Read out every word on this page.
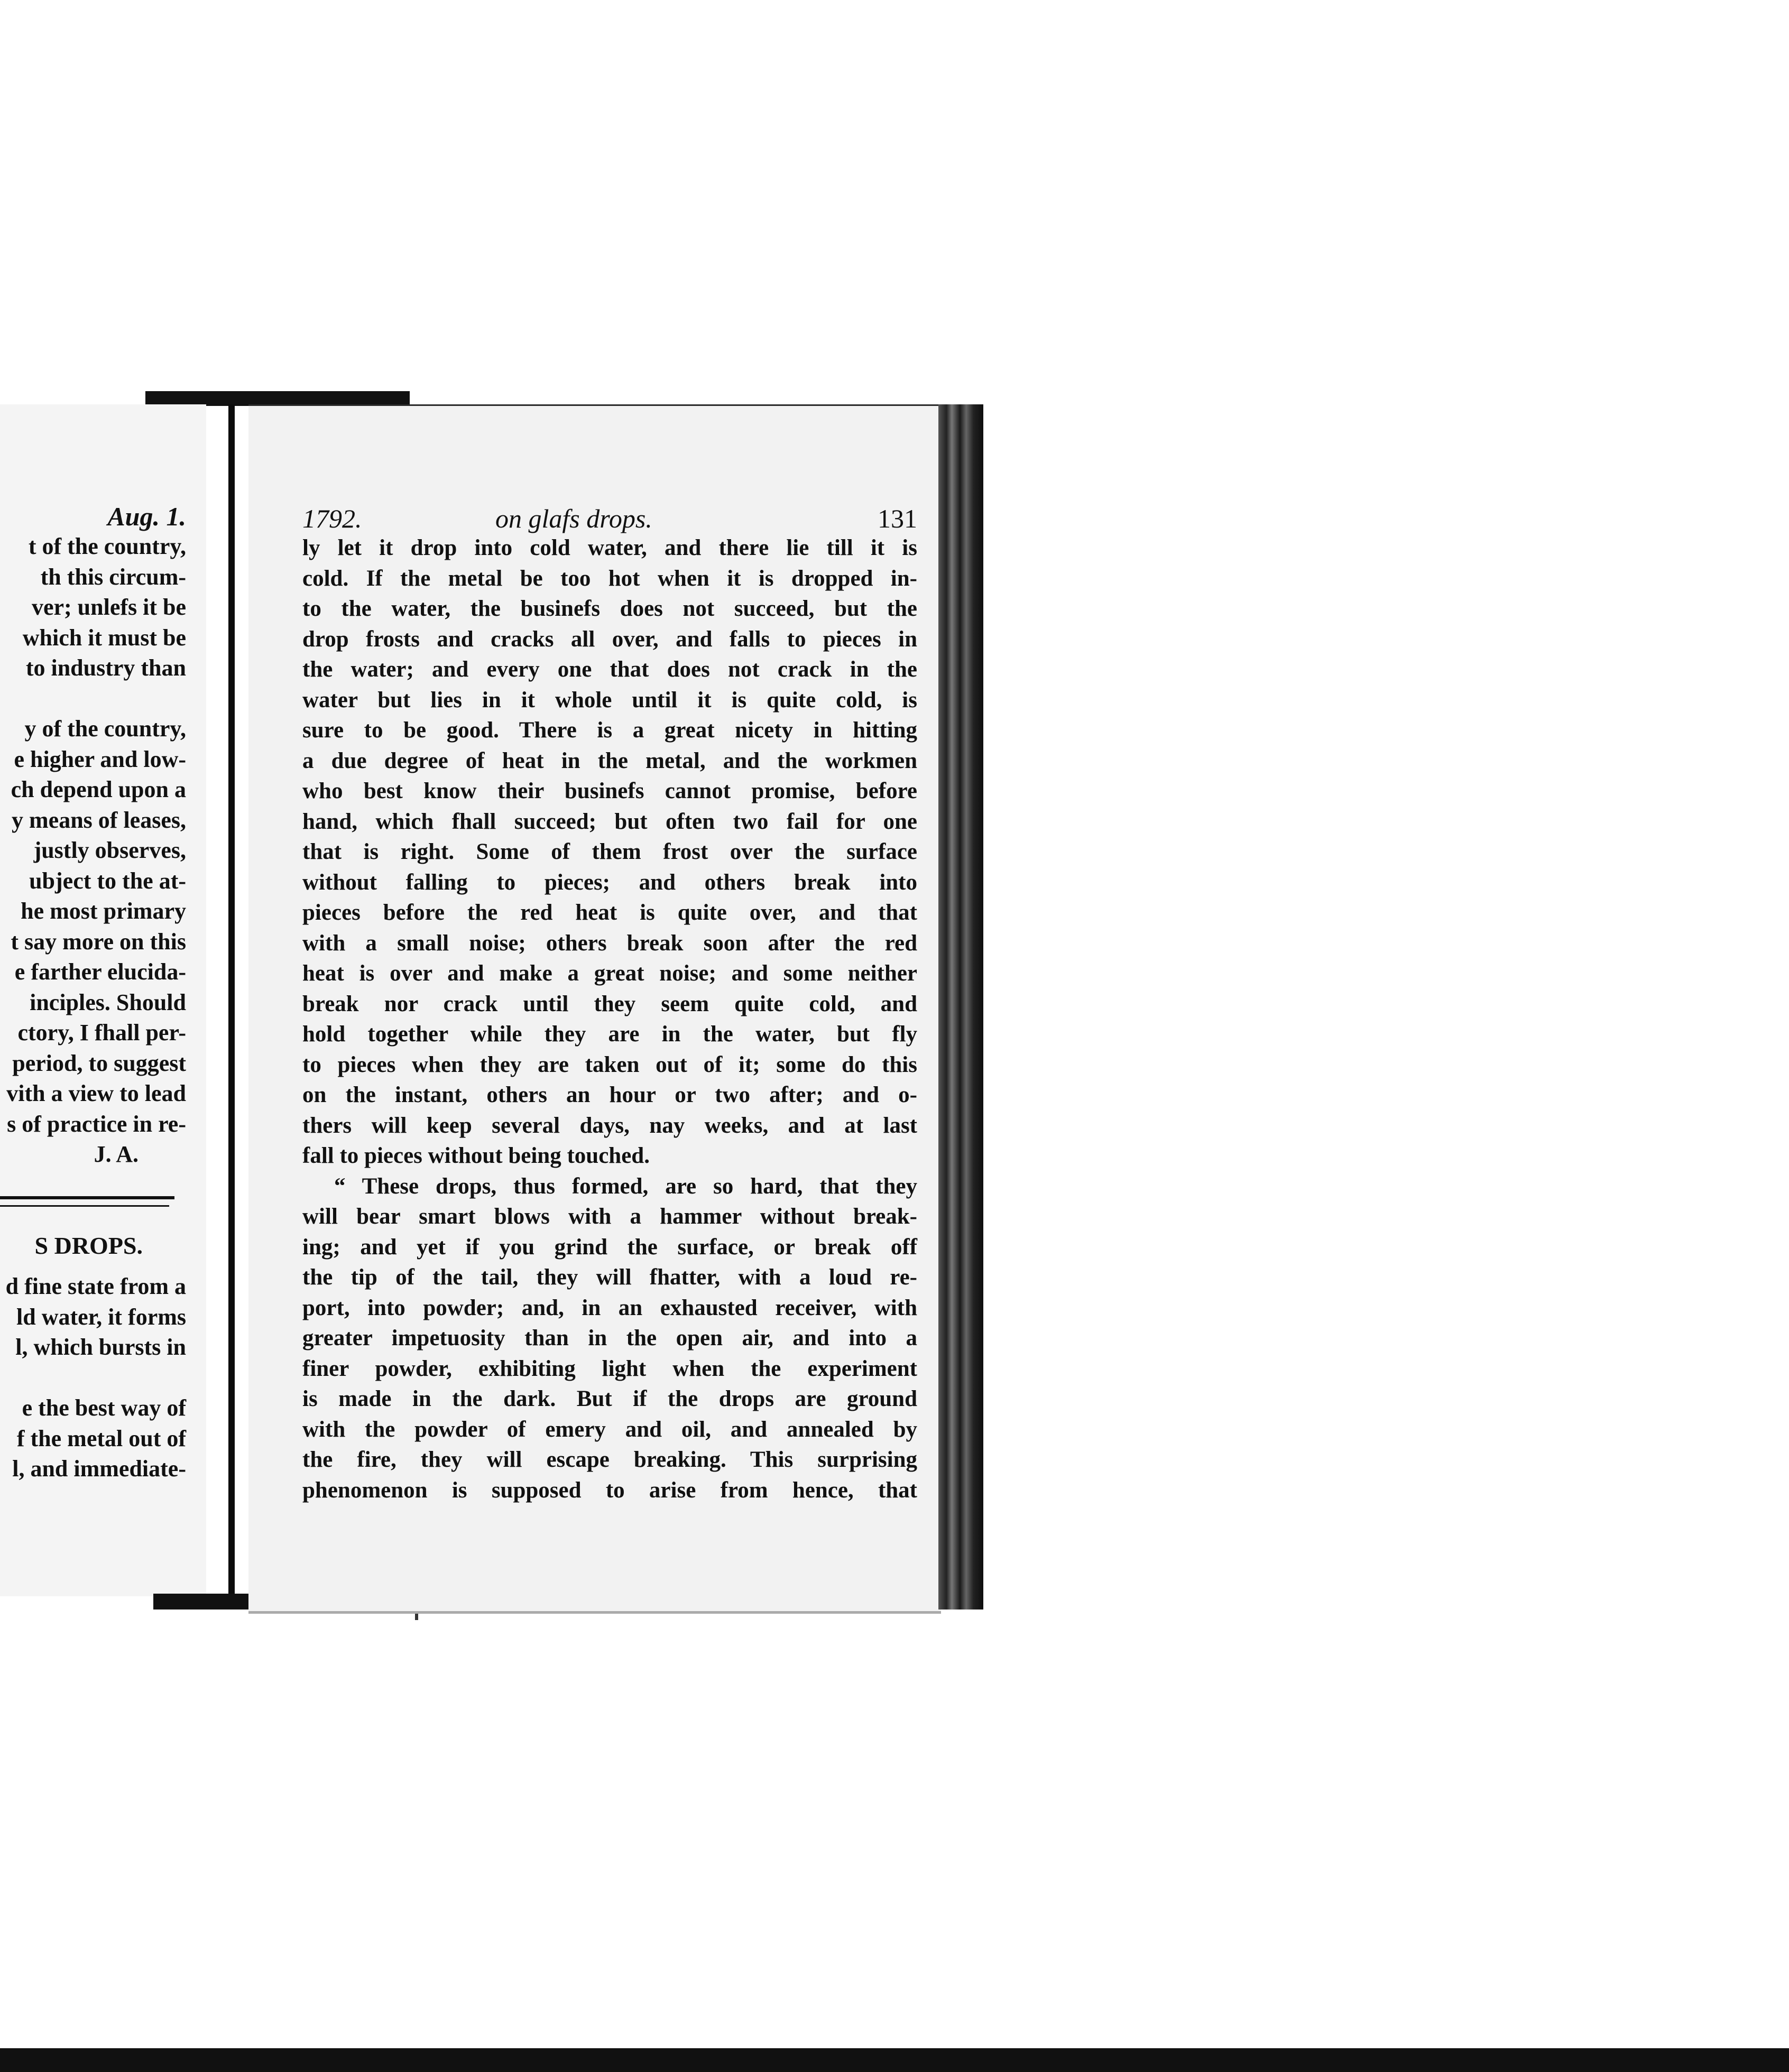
Aug. 1.
t of the country,
th this circum-
ver; unlefs it be
which it must be
to industry than
y of the country,
e higher and low-
ch depend upon a
y means of leases,
justly observes,
ubject to the at-
he most primary
t say more on this
e farther elucida-
inciples. Should
ctory, I fhall per-
period, to suggest
vith a view to lead
s of practice in re-
J. A.
S DROPS.
d fine state from a
ld water, it forms
l, which bursts in
e the best way of
f the metal out of
l, and immediate-
1792.	on glafs drops.	131
ly let it drop into cold water, and there lie till it is
cold. If the metal be too hot when it is dropped in-
to the water, the businefs does not succeed, but the
drop frosts and cracks all over, and falls to pieces in
the water; and every one that does not crack in the
water but lies in it whole until it is quite cold, is
sure to be good. There is a great nicety in hitting
a due degree of heat in the metal, and the workmen
who best know their businefs cannot promise, before
hand, which fhall succeed; but often two fail for one
that is right. Some of them frost over the surface
without falling to pieces; and others break into
pieces before the red heat is quite over, and that
with a small noise; others break soon after the red
heat is over and make a great noise; and some neither
break nor crack until they seem quite cold, and
hold together while they are in the water, but fly
to pieces when they are taken out of it; some do this
on the instant, others an hour or two after; and o-
thers will keep several days, nay weeks, and at last
fall to pieces without being touched.
“ These drops, thus formed, are so hard, that they
will bear smart blows with a hammer without break-
ing; and yet if you grind the surface, or break off
the tip of the tail, they will fhatter, with a loud re-
port, into powder; and, in an exhausted receiver, with
greater impetuosity than in the open air, and into a
finer powder, exhibiting light when the experiment
is made in the dark. But if the drops are ground
with the powder of emery and oil, and annealed by
the fire, they will escape breaking. This surprising
phenomenon is supposed to arise from hence, that
